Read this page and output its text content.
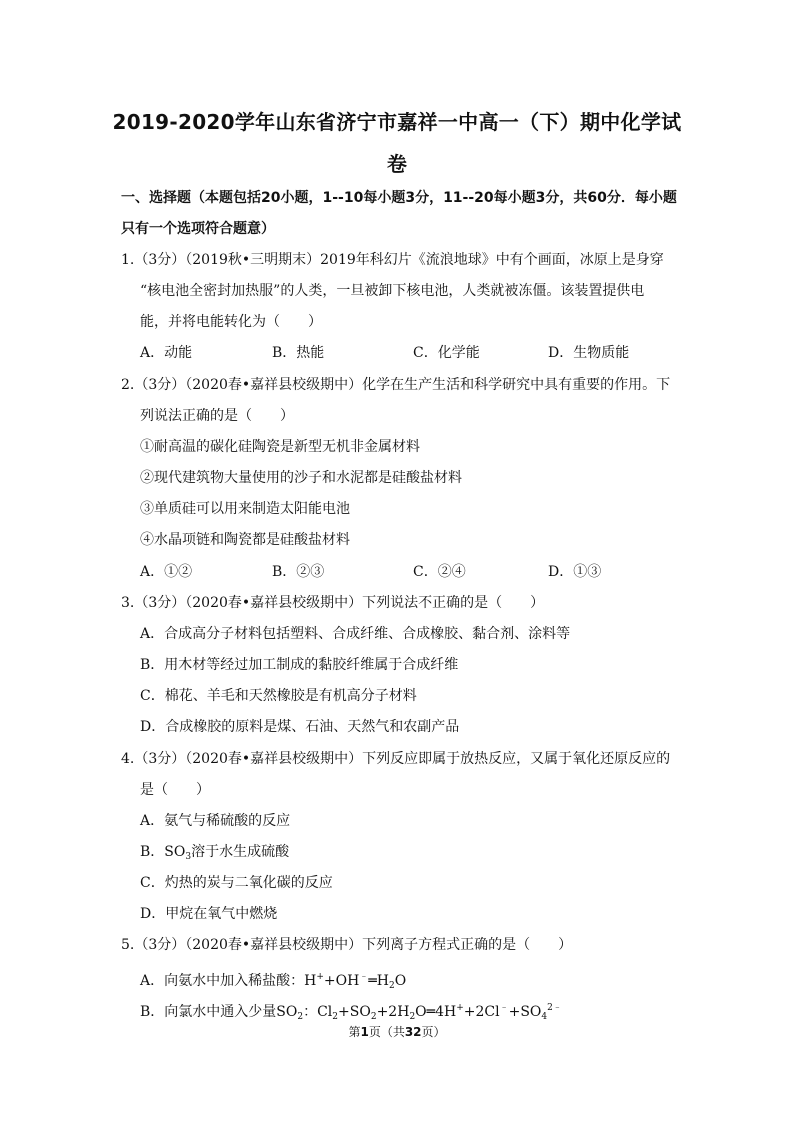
2019-2020学年山东省济宁市嘉祥一中高一（下）期中化学试
卷
一、选择题（本题包括20小题，1--10每小题3分，11--20每小题3分，共60分．每小题
只有一个选项符合题意）
1.（3分）（2019秋•三明期末）2019年科幻片《流浪地球》中有个画面，冰原上是身穿
“核电池全密封加热服”的人类，一旦被卸下核电池，人类就被冻僵。该装置提供电
能，并将电能转化为（　　）
A．动能	B．热能	C．化学能	D．生物质能
2.（3分）（2020春•嘉祥县校级期中）化学在生产生活和科学研究中具有重要的作用。下
列说法正确的是（　　）
①耐高温的碳化硅陶瓷是新型无机非金属材料
②现代建筑物大量使用的沙子和水泥都是硅酸盐材料
③单质硅可以用来制造太阳能电池
④水晶项链和陶瓷都是硅酸盐材料
A．①②	B．②③	C．②④	D．①③
3.（3分）（2020春•嘉祥县校级期中）下列说法不正确的是（　　）
A．合成高分子材料包括塑料、合成纤维、合成橡胶、黏合剂、涂料等
B．用木材等经过加工制成的黏胶纤维属于合成纤维
C．棉花、羊毛和天然橡胶是有机高分子材料
D．合成橡胶的原料是煤、石油、天然气和农副产品
4.（3分）（2020春•嘉祥县校级期中）下列反应即属于放热反应，又属于氧化还原反应的
是（　　）
A．氨气与稀硫酸的反应
B．$SO_3$溶于水生成硫酸
C．灼热的炭与二氧化碳的反应
D．甲烷在氧气中燃烧
5.（3分）（2020春•嘉祥县校级期中）下列离子方程式正确的是（　　）
A．向氨水中加入稀盐酸：$H^++OH^﹣═H_2O$
B．向氯水中通入少量$SO_2$：$Cl_2+SO_2+2H_2O═4H^++2Cl^﹣+SO_4^{2﹣}$
第1页（共32页）
